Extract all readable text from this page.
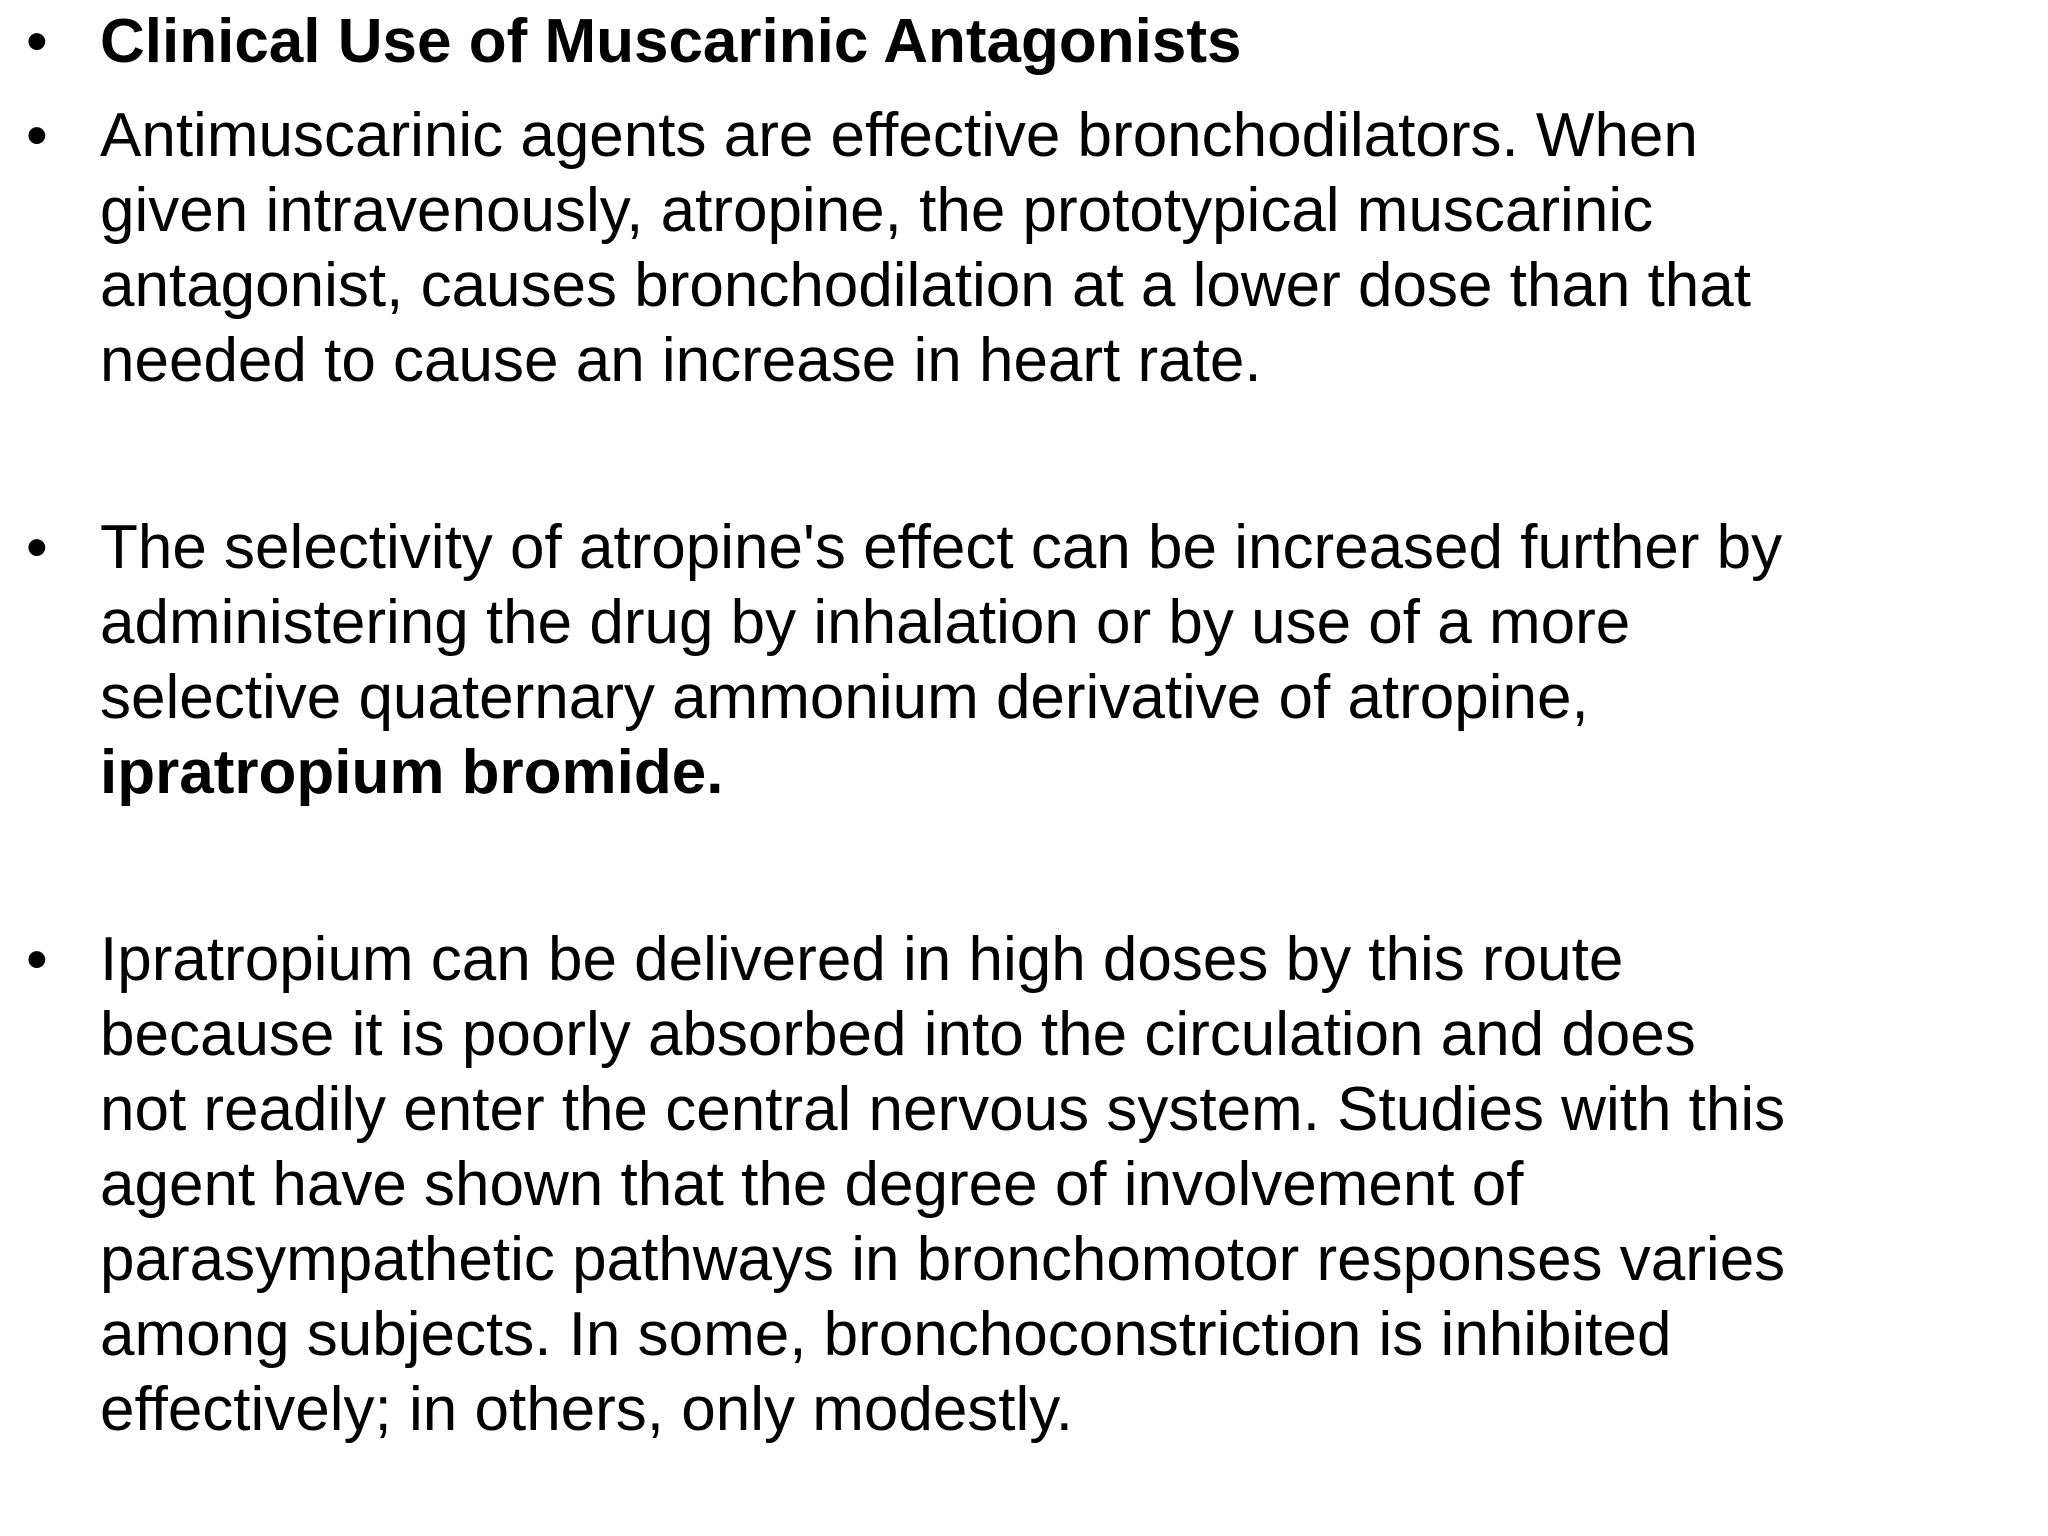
• Clinical Use of Muscarinic Antagonists
• Antimuscarinic agents are effective bronchodilators. When
given intravenously, atropine, the prototypical muscarinic
antagonist, causes bronchodilation at a lower dose than that
needed to cause an increase in heart rate.
• The selectivity of atropine's effect can be increased further by
administering the drug by inhalation or by use of a more
selective quaternary ammonium derivative of atropine,
ipratropium bromide.
• Ipratropium can be delivered in high doses by this route
because it is poorly absorbed into the circulation and does
not readily enter the central nervous system. Studies with this
agent have shown that the degree of involvement of
parasympathetic pathways in bronchomotor responses varies
among subjects. In some, bronchoconstriction is inhibited
effectively; in others, only modestly.
